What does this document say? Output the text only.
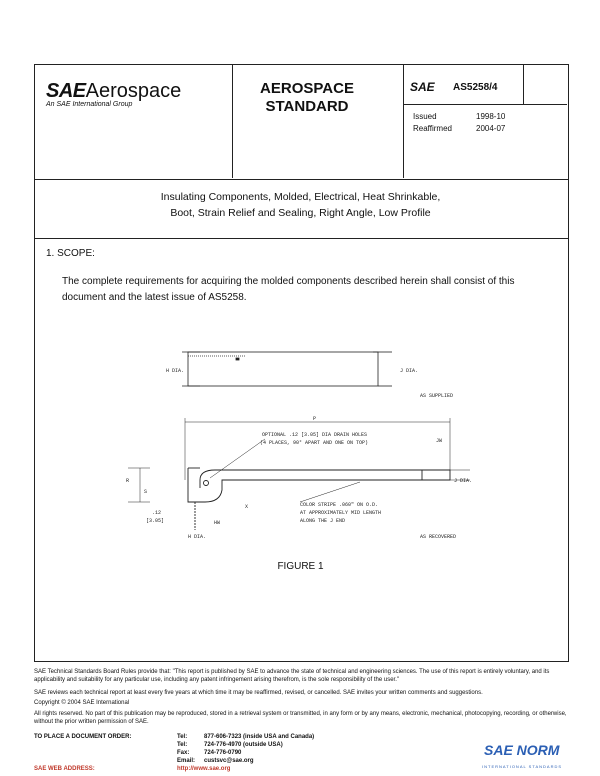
SAEAerospace
An SAE International Group
AEROSPACE
STANDARD
SAE AS5258/4
Issued	1998-10
Reaffirmed	2004-07
Insulating Components, Molded, Electrical, Heat Shrinkable,
Boot, Strain Relief and Sealing, Right Angle, Low Profile
1. SCOPE:
The complete requirements for acquiring the molded components described herein shall consist of this document and the latest issue of AS5258.
H DIA.	J DIA.
AS SUPPLIED
P
OPTIONAL .12 [3.05] DIA DRAIN HOLES
(4 PLACES, 90° APART AND ONE ON TOP)	JW
R
S
J DIA.
X
HW
H DIA.
.12
[3.05]
COLOR STRIPE .060" ON O.D.
AT APPROXIMATELY MID LENGTH
ALONG THE J END
AS RECOVERED
FIGURE 1
SAE Technical Standards Board Rules provide that: "This report is published by SAE to advance the state of technical and engineering sciences. The use of this report is entirely voluntary, and its applicability and suitability for any particular use, including any patent infringement arising therefrom, is the sole responsibility of the user."
SAE reviews each technical report at least every five years at which time it may be reaffirmed, revised, or cancelled. SAE invites your written comments and suggestions.
Copyright © 2004 SAE International
All rights reserved. No part of this publication may be reproduced, stored in a retrieval system or transmitted, in any form or by any means, electronic, mechanical, photocopying, recording, or otherwise, without the prior written permission of SAE.
TO PLACE A DOCUMENT ORDER:	Tel:	877-606-7323 (inside USA and Canada)
Tel:	724-776-4970 (outside USA)
Fax:	724-776-0790
Email:	custsvc@sae.org
SAE WEB ADDRESS:	http://www.sae.org
SAE NORM
INTERNATIONAL STANDARDS
